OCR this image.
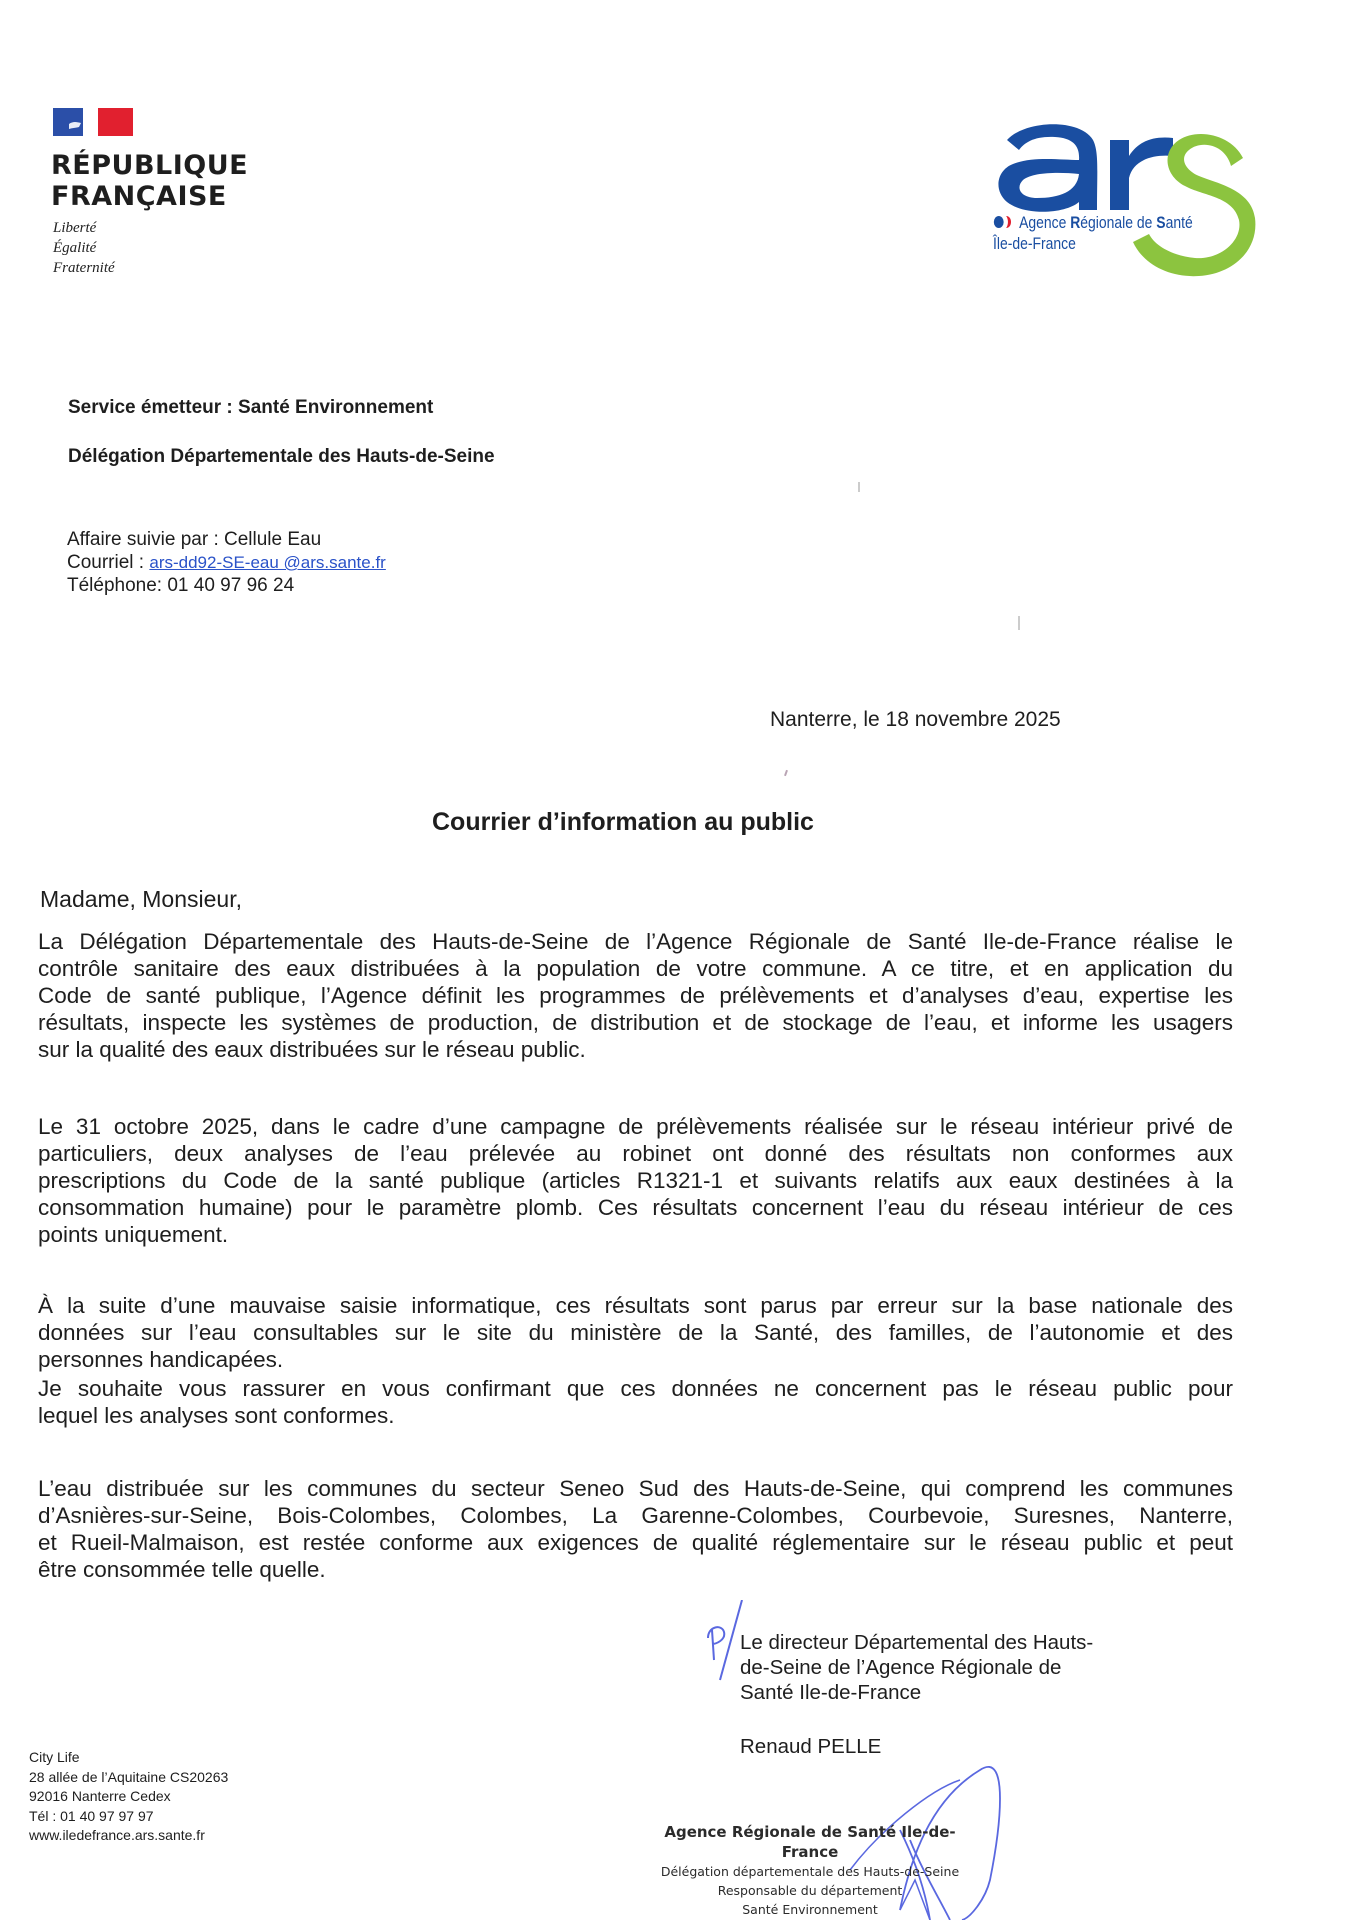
RÉPUBLIQUE
FRANÇAISE
Liberté
Égalité
Fraternité
Agence Régionale de Santé
Île-de-France
Service émetteur : Santé Environnement
Délégation Départementale des Hauts-de-Seine
Affaire suivie par : Cellule Eau
Courriel : ars-dd92-SE-eau @ars.sante.fr
Téléphone: 01 40 97 96 24
Nanterre, le 18 novembre 2025
Courrier d’information au public
Madame, Monsieur,
La Délégation Départementale des Hauts-de-Seine de l’Agence Régionale de Santé Ile-de-France réalise le
contrôle sanitaire des eaux distribuées à la population de votre commune. A ce titre, et en application du
Code de santé publique, l’Agence définit les programmes de prélèvements et d’analyses d’eau, expertise les
résultats, inspecte les systèmes de production, de distribution et de stockage de l’eau, et informe les usagers
sur la qualité des eaux distribuées sur le réseau public.
Le 31 octobre 2025, dans le cadre d’une campagne de prélèvements réalisée sur le réseau intérieur privé de
particuliers, deux analyses de l’eau prélevée au robinet ont donné des résultats non conformes aux
prescriptions du Code de la santé publique (articles R1321-1 et suivants relatifs aux eaux destinées à la
consommation humaine) pour le paramètre plomb. Ces résultats concernent l’eau du réseau intérieur de ces
points uniquement.
À la suite d’une mauvaise saisie informatique, ces résultats sont parus par erreur sur la base nationale des
données sur l’eau consultables sur le site du ministère de la Santé, des familles, de l’autonomie et des
personnes handicapées.
Je souhaite vous rassurer en vous confirmant que ces données ne concernent pas le réseau public pour
lequel les analyses sont conformes.
L’eau distribuée sur les communes du secteur Seneo Sud des Hauts-de-Seine, qui comprend les communes
d’Asnières-sur-Seine, Bois-Colombes, Colombes, La Garenne-Colombes, Courbevoie, Suresnes, Nanterre,
et Rueil-Malmaison, est restée conforme aux exigences de qualité réglementaire sur le réseau public et peut
être consommée telle quelle.
Le directeur Départemental des Hauts-
de-Seine de l’Agence Régionale de
Santé Ile-de-France
Renaud PELLE
Agence Régionale de Santé Ile-de-France
Délégation départementale des Hauts-de-Seine
Responsable du département
Santé Environnement
City Life
28 allée de l’Aquitaine CS20263
92016 Nanterre Cedex
Tél : 01 40 97 97 97
www.iledefrance.ars.sante.fr
